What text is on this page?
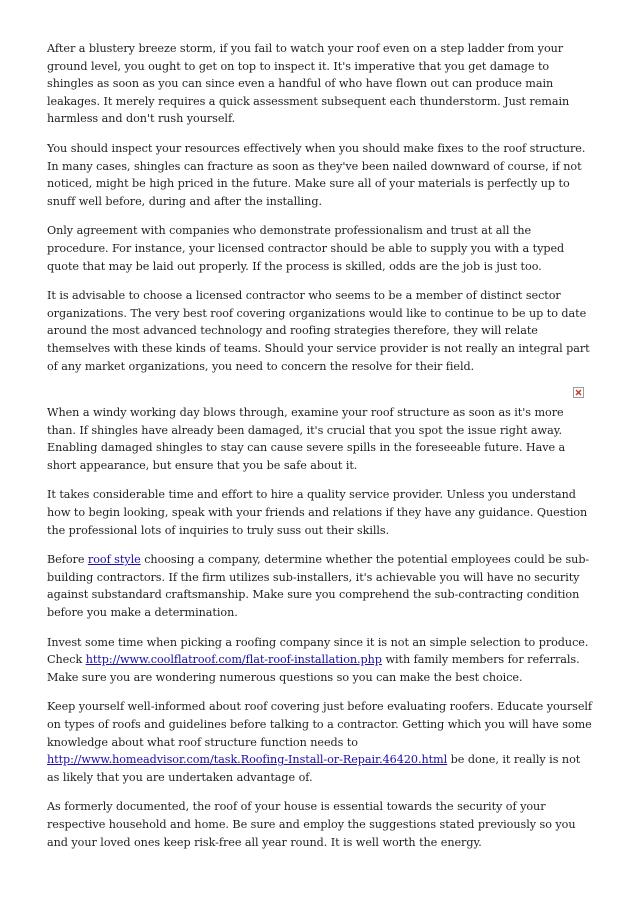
After a blustery breeze storm, if you fail to watch your roof even on a step ladder from your ground level, you ought to get on top to inspect it. It's imperative that you get damage to shingles as soon as you can since even a handful of who have flown out can produce main leakages. It merely requires a quick assessment subsequent each thunderstorm. Just remain harmless and don't rush yourself.

You should inspect your resources effectively when you should make fixes to the roof structure. In many cases, shingles can fracture as soon as they've been nailed downward of course, if not noticed, might be high priced in the future. Make sure all of your materials is perfectly up to snuff well before, during and after the installing.

Only agreement with companies who demonstrate professionalism and trust at all the procedure. For instance, your licensed contractor should be able to supply you with a typed quote that may be laid out properly. If the process is skilled, odds are the job is just too.

It is advisable to choose a licensed contractor who seems to be a member of distinct sector organizations. The very best roof covering organizations would like to continue to be up to date around the most advanced technology and roofing strategies therefore, they will relate themselves with these kinds of teams. Should your service provider is not really an integral part of any market organizations, you need to concern the resolve for their field.

When a windy working day blows through, examine your roof structure as soon as it's more than. If shingles have already been damaged, it's crucial that you spot the issue right away. Enabling damaged shingles to stay can cause severe spills in the foreseeable future. Have a short appearance, but ensure that you be safe about it.

It takes considerable time and effort to hire a quality service provider. Unless you understand how to begin looking, speak with your friends and relations if they have any guidance. Question the professional lots of inquiries to truly suss out their skills.

Before roof style choosing a company, determine whether the potential employees could be sub-building contractors. If the firm utilizes sub-installers, it's achievable you will have no security against substandard craftsmanship. Make sure you comprehend the sub-contracting condition before you make a determination.

Invest some time when picking a roofing company since it is not an simple selection to produce. Check http://www.coolflatroof.com/flat-roof-installation.php with family members for referrals. Make sure you are wondering numerous questions so you can make the best choice.

Keep yourself well-informed about roof covering just before evaluating roofers. Educate yourself on types of roofs and guidelines before talking to a contractor. Getting which you will have some knowledge about what roof structure function needs to http://www.homeadvisor.com/task.Roofing-Install-or-Repair.46420.html be done, it really is not as likely that you are undertaken advantage of.

As formerly documented, the roof of your house is essential towards the security of your respective household and home. Be sure and employ the suggestions stated previously so you and your loved ones keep risk-free all year round. It is well worth the energy.
